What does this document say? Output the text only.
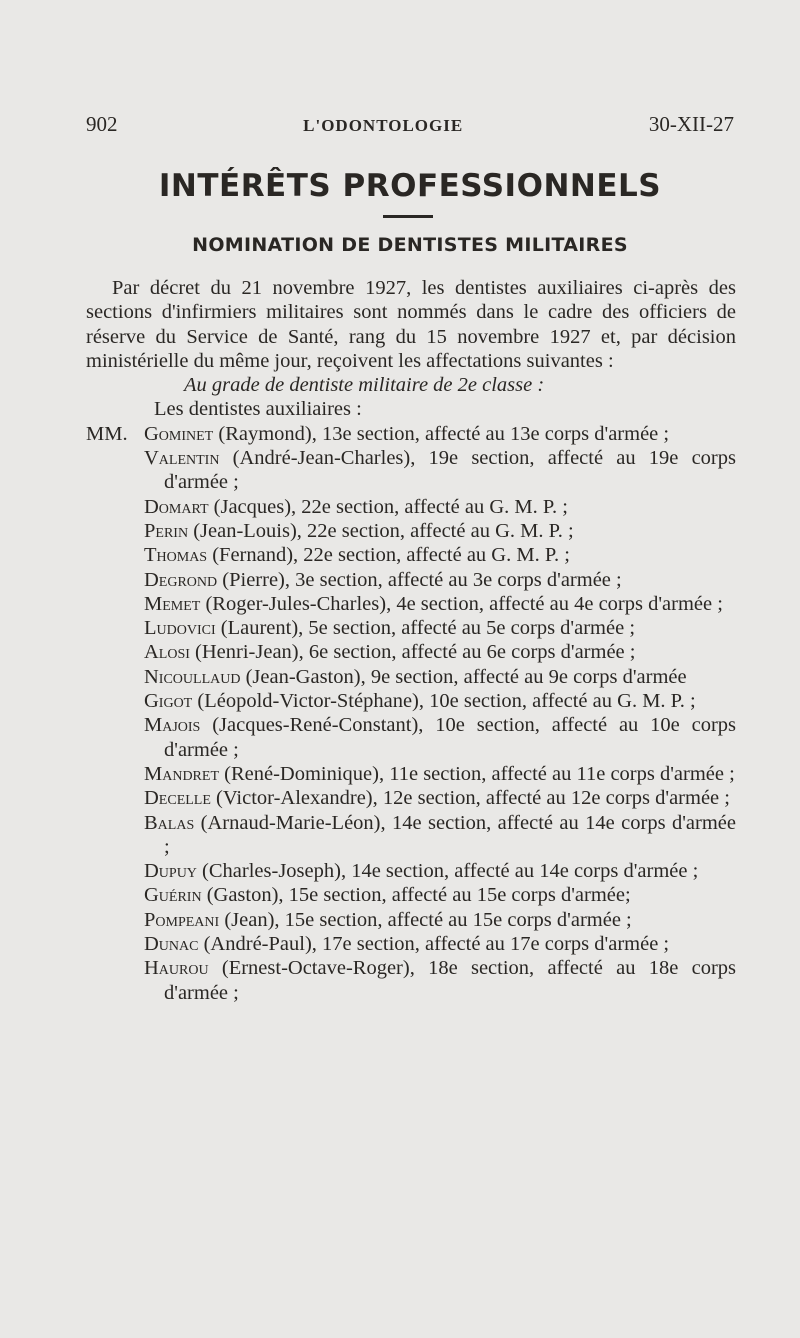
902	L'ODONTOLOGIE	30-XII-27
INTÉRÊTS PROFESSIONNELS
NOMINATION DE DENTISTES MILITAIRES

Par décret du 21 novembre 1927, les dentistes auxiliaires ci-après des sections d'infirmiers militaires sont nommés dans le cadre des officiers de réserve du Service de Santé, rang du 15 novembre 1927 et, par décision ministérielle du même jour, reçoivent les affectations suivantes :

Au grade de dentiste militaire de 2e classe :

Les dentistes auxiliaires :

MM. Gominet (Raymond), 13e section, affecté au 13e corps d'armée ;

Valentin (André-Jean-Charles), 19e section, affecté au 19e corps d'armée ;

Domart (Jacques), 22e section, affecté au G. M. P. ;

Perin (Jean-Louis), 22e section, affecté au G. M. P. ;

Thomas (Fernand), 22e section, affecté au G. M. P. ;

Degrond (Pierre), 3e section, affecté au 3e corps d'armée ;

Memet (Roger-Jules-Charles), 4e section, affecté au 4e corps d'armée ;

Ludovici (Laurent), 5e section, affecté au 5e corps d'armée ;

Alosi (Henri-Jean), 6e section, affecté au 6e corps d'armée ;

Nicoullaud (Jean-Gaston), 9e section, affecté au 9e corps d'armée

Gigot (Léopold-Victor-Stéphane), 10e section, affecté au G. M. P. ;

Majois (Jacques-René-Constant), 10e section, affecté au 10e corps d'armée ;

Mandret (René-Dominique), 11e section, affecté au 11e corps d'armée ;

Decelle (Victor-Alexandre), 12e section, affecté au 12e corps d'armée ;

Balas (Arnaud-Marie-Léon), 14e section, affecté au 14e corps d'armée ;

Dupuy (Charles-Joseph), 14e section, affecté au 14e corps d'armée ;

Guérin (Gaston), 15e section, affecté au 15e corps d'armée;

Pompeani (Jean), 15e section, affecté au 15e corps d'armée ;

Dunac (André-Paul), 17e section, affecté au 17e corps d'armée ;

Haurou (Ernest-Octave-Roger), 18e section, affecté au 18e corps d'armée ;
